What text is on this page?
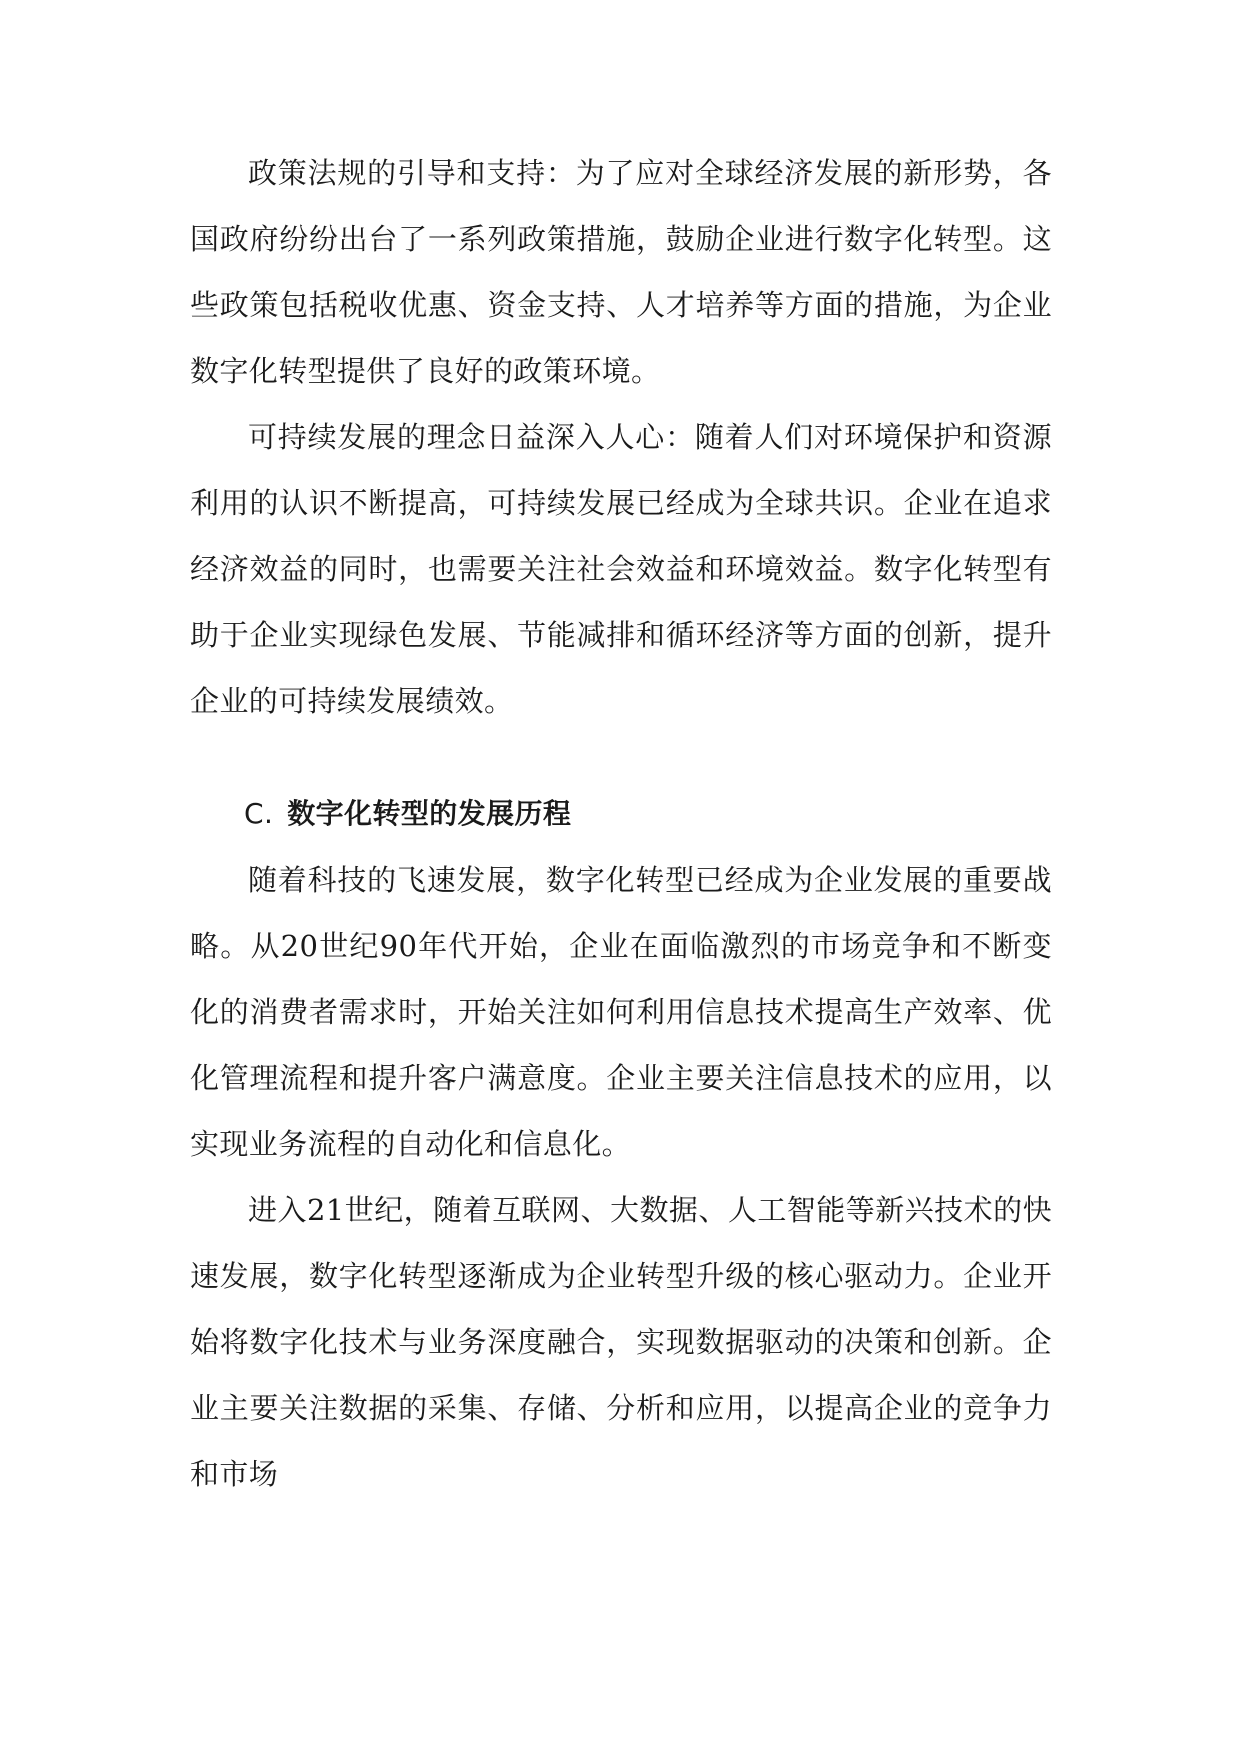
政策法规的引导和支持：为了应对全球经济发展的新形势，各国政府纷纷出台了一系列政策措施，鼓励企业进行数字化转型。这些政策包括税收优惠、资金支持、人才培养等方面的措施，为企业数字化转型提供了良好的政策环境。

可持续发展的理念日益深入人心：随着人们对环境保护和资源利用的认识不断提高，可持续发展已经成为全球共识。企业在追求经济效益的同时，也需要关注社会效益和环境效益。数字化转型有助于企业实现绿色发展、节能减排和循环经济等方面的创新，提升企业的可持续发展绩效。

C. 数字化转型的发展历程

随着科技的飞速发展，数字化转型已经成为企业发展的重要战略。从20世纪90年代开始，企业在面临激烈的市场竞争和不断变化的消费者需求时，开始关注如何利用信息技术提高生产效率、优化管理流程和提升客户满意度。企业主要关注信息技术的应用，以实现业务流程的自动化和信息化。

进入21世纪，随着互联网、大数据、人工智能等新兴技术的快速发展，数字化转型逐渐成为企业转型升级的核心驱动力。企业开始将数字化技术与业务深度融合，实现数据驱动的决策和创新。企业主要关注数据的采集、存储、分析和应用，以提高企业的竞争力和市场
